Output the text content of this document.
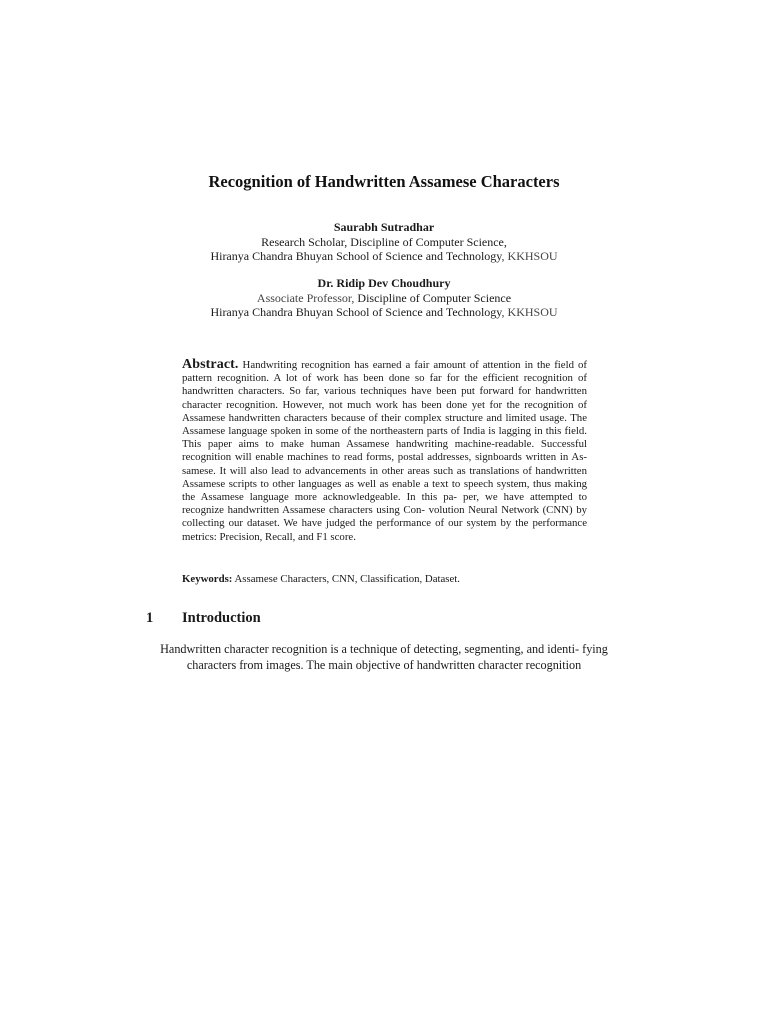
Recognition of Handwritten Assamese Characters
Saurabh Sutradhar
Research Scholar, Discipline of Computer Science,
Hiranya Chandra Bhuyan School of Science and Technology, KKHSOU
Dr. Ridip Dev Choudhury
Associate Professor, Discipline of Computer Science
Hiranya Chandra Bhuyan School of Science and Technology, KKHSOU
Abstract. Handwriting recognition has earned a fair amount of attention in the field of pattern recognition. A lot of work has been done so far for the efficient recognition of handwritten characters. So far, various techniques have been put forward for handwritten character recognition. However, not much work has been done yet for the recognition of Assamese handwritten characters because of their complex structure and limited usage. The Assamese language spoken in some of the northeastern parts of India is lagging in this field. This paper aims to make human Assamese handwriting machine-readable. Successful recognition will enable machines to read forms, postal addresses, signboards written in As- samese. It will also lead to advancements in other areas such as translations of handwritten Assamese scripts to other languages as well as enable a text to speech system, thus making the Assamese language more acknowledgeable. In this pa- per, we have attempted to recognize handwritten Assamese characters using Con- volution Neural Network (CNN) by collecting our dataset. We have judged the performance of our system by the performance metrics: Precision, Recall, and F1 score.
Keywords: Assamese Characters, CNN, Classification, Dataset.
1 Introduction
Handwritten character recognition is a technique of detecting, segmenting, and identi- fying characters from images. The main objective of handwritten character recognition
